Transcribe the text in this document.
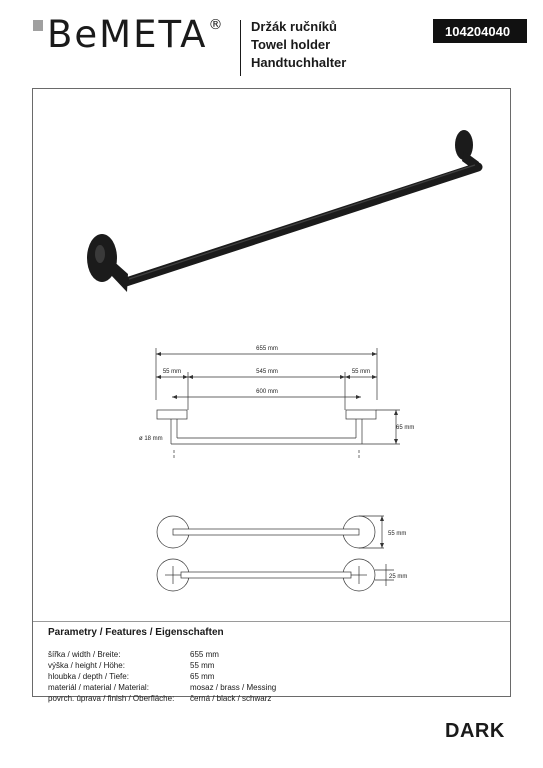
BeMETA® Držák ručníků
Towel holder
Handtuchhalter
104204040
655 mm
55 mm	545 mm	55 mm
600 mm
65 mm
ø 18 mm
55 mm
25 mm
Parametry / Features / Eigenschaften
šířka / width / Breite:	655 mm
výška / height / Höhe:	55 mm
hloubka / depth / Tiefe:	65 mm
materiál / material / Material:	mosaz / brass / Messing
povrch. úprava / finish / Oberfläche:	černá / black / schwarz
DARK
